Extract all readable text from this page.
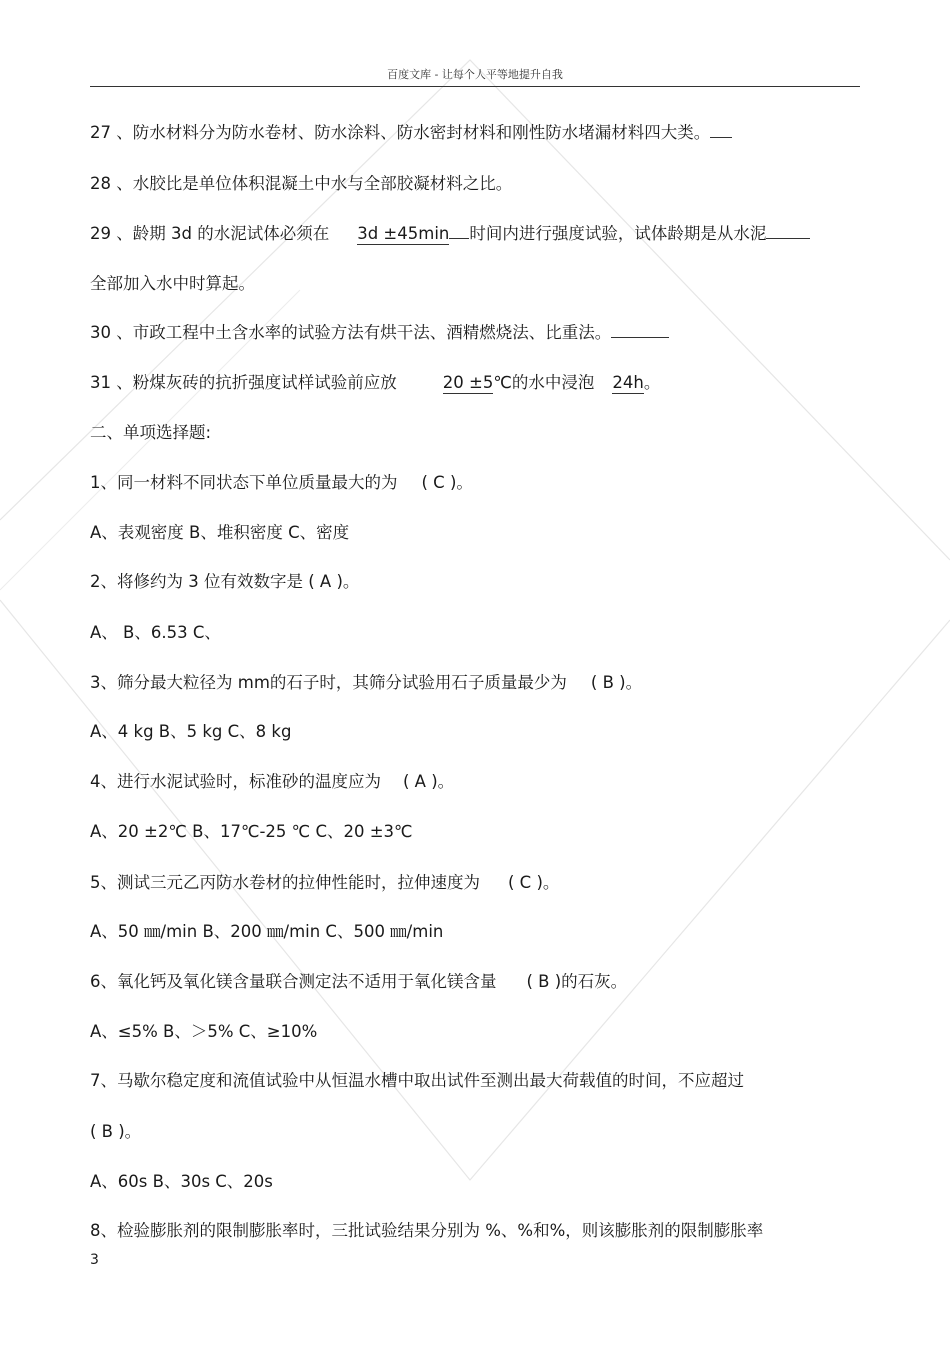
百度文库 - 让每个人平等地提升自我
27 、防水材料分为防水卷材、防水涂料、防水密封材料和刚性防水堵漏材料四大类。
28 、水胶比是单位体积混凝土中水与全部胶凝材料之比。
29 、龄期 3d 的水泥试体必须在 3d ±45min 时间内进行强度试验，试体龄期是从水泥
全部加入水中时算起。
30 、市政工程中土含水率的试验方法有烘干法、酒精燃烧法、比重法。
31 、粉煤灰砖的抗折强度试样试验前应放	20 ±5℃的水中浸泡 24h。
二、单项选择题:
1、同一材料不同状态下单位质量最大的为 ( C )。
A、表观密度 B、堆积密度 C、密度
2、将修约为 3 位有效数字是 ( A )。
A、 B、6.53 C、
3、筛分最大粒径为 mm的石子时，其筛分试验用石子质量最少为 ( B )。
A、4 kg B、5 kg C、8 kg
4、进行水泥试验时，标准砂的温度应为 ( A )。
A、20 ±2℃ B、17℃-25 ℃ C、20 ±3℃
5、测试三元乙丙防水卷材的拉伸性能时，拉伸速度为 ( C )。
A、50 ㎜/min B、200 ㎜/min C、500 ㎜/min
6、氧化钙及氧化镁含量联合测定法不适用于氧化镁含量 ( B )的石灰。
A、≤5% B、＞5% C、≥10%
7、马歇尔稳定度和流值试验中从恒温水槽中取出试件至测出最大荷载值的时间，不应超过
( B )。
A、60s B、30s C、20s
8、检验膨胀剂的限制膨胀率时，三批试验结果分别为 %、%和%，则该膨胀剂的限制膨胀率
3
